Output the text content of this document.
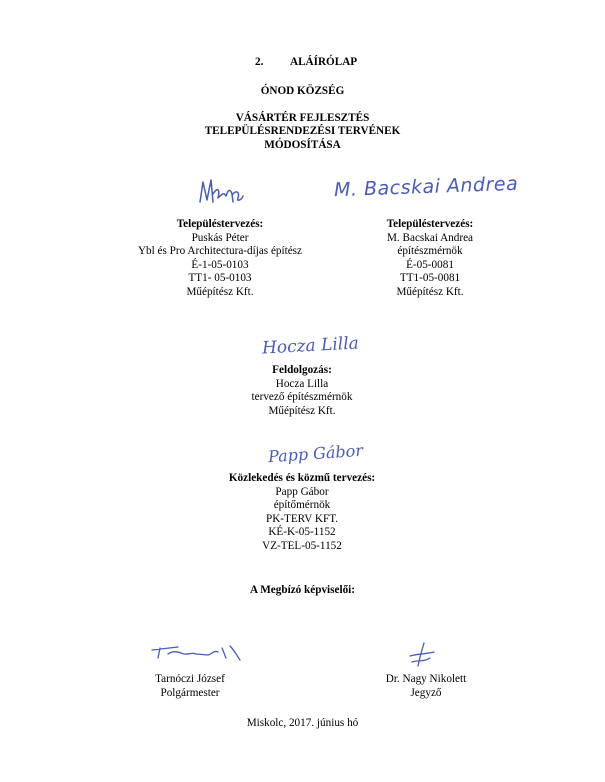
2. ALÁÍRÓLAP
ÓNOD KÖZSÉG
VÁSÁRTÉR FEJLESZTÉS
TELEPÜLÉSRENDEZÉSI TERVÉNEK
MÓDOSÍTÁSA
M. Bacskai Andrea
Településtervezés:
Puskás Péter
Ybl és Pro Architectura-díjas építész
É-1-05-0103
TT1- 05-0103
Műépítész Kft.
Településtervezés:
M. Bacskai Andrea
építészmérnök
É-05-0081
TT1-05-0081
Műépítész Kft.
Hocza Lilla
Feldolgozás:
Hocza Lilla
tervező építészmérnök
Műépítész Kft.
Papp Gábor
Közlekedés és közmű tervezés:
Papp Gábor
építőmérnök
PK-TERV KFT.
KÉ-K-05-1152
VZ-TEL-05-1152
A Megbízó képviselői:
Tarnóczi József
Polgármester
Dr. Nagy Nikolett
Jegyző
Miskolc, 2017. június hó
